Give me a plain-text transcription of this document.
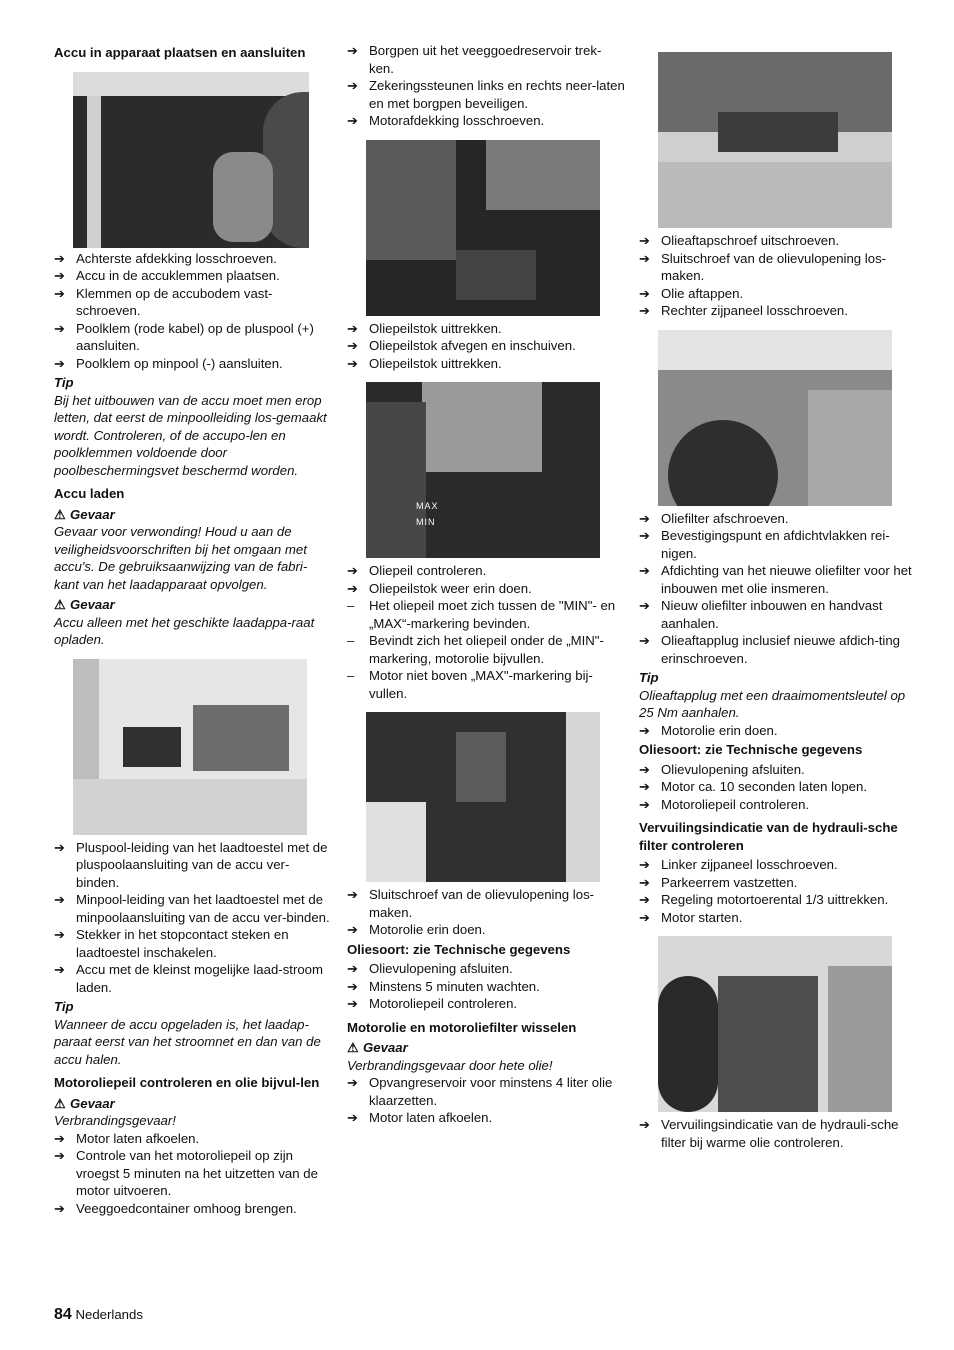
Accu in apparaat plaatsen en aansluiten
➔ Achterste afdekking losschroeven.
➔ Accu in de accuklemmen plaatsen.
➔ Klemmen op de accubodem vast-schroeven.
➔ Poolklem (rode kabel) op de pluspool (+) aansluiten.
➔ Poolklem op minpool (-) aansluiten.
Tip
Bij het uitbouwen van de accu moet men erop letten, dat eerst de minpoolleiding los-gemaakt wordt. Controleren, of de accupo-len en poolklemmen voldoende door poolbeschermingsvet beschermd worden.
Accu laden
⚠ Gevaar
Gevaar voor verwonding! Houd u aan de veiligheidsvoorschriften bij het omgaan met accu's. De gebruiksaanwijzing van de fabri-kant van het laadapparaat opvolgen.
⚠ Gevaar
Accu alleen met het geschikte laadappa-raat opladen.
➔ Pluspool-leiding van het laadtoestel met de pluspoolaansluiting van de accu ver-binden.
➔ Minpool-leiding van het laadtoestel met de minpoolaansluiting van de accu ver-binden.
➔ Stekker in het stopcontact steken en laadtoestel inschakelen.
➔ Accu met de kleinst mogelijke laad-stroom laden.
Tip
Wanneer de accu opgeladen is, het laadap-paraat eerst van het stroomnet en dan van de accu halen.
Motoroliepeil controleren en olie bijvul-len
⚠ Gevaar
Verbrandingsgevaar!
➔ Motor laten afkoelen.
➔ Controle van het motoroliepeil op zijn vroegst 5 minuten na het uitzetten van de motor uitvoeren.
➔ Veeggoedcontainer omhoog brengen.
➔ Borgpen uit het veeggoedreservoir trek-ken.
➔ Zekeringssteunen links en rechts neer-laten en met borgpen beveiligen.
➔ Motorafdekking losschroeven.
➔ Oliepeilstok uittrekken.
➔ Oliepeilstok afvegen en inschuiven.
➔ Oliepeilstok uittrekken.
MAX
MIN
➔ Oliepeil controleren.
➔ Oliepeilstok weer erin doen.
–	Het oliepeil moet zich tussen de "MIN"- en „MAX“-markering bevinden.
–	Bevindt zich het oliepeil onder de „MIN"-markering, motorolie bijvullen.
–	Motor niet boven „MAX"-markering bij-vullen.
➔ Sluitschroef van de olievulopening los-maken.
➔ Motorolie erin doen.
Oliesoort: zie Technische gegevens
➔ Olievulopening afsluiten.
➔ Minstens 5 minuten wachten.
➔ Motoroliepeil controleren.
Motorolie en motoroliefilter wisselen
⚠ Gevaar
Verbrandingsgevaar door hete olie!
➔ Opvangreservoir voor minstens 4 liter olie klaarzetten.
➔ Motor laten afkoelen.
➔ Olieaftapschroef uitschroeven.
➔ Sluitschroef van de olievulopening los-maken.
➔ Olie aftappen.
➔ Rechter zijpaneel losschroeven.
➔ Oliefilter afschroeven.
➔ Bevestigingspunt en afdichtvlakken rei-nigen.
➔ Afdichting van het nieuwe oliefilter voor het inbouwen met olie insmeren.
➔ Nieuw oliefilter inbouwen en handvast aanhalen.
➔ Olieaftapplug inclusief nieuwe afdich-ting erinschroeven.
Tip
Olieaftapplug met een draaimomentsleutel op 25 Nm aanhalen.
➔ Motorolie erin doen.
Oliesoort: zie Technische gegevens
➔ Olievulopening afsluiten.
➔ Motor ca. 10 seconden laten lopen.
➔ Motoroliepeil controleren.
Vervuilingsindicatie van de hydrauli-sche filter controleren
➔ Linker zijpaneel losschroeven.
➔ Parkeerrem vastzetten.
➔ Regeling motortoerental 1/3 uittrekken.
➔ Motor starten.
➔ Vervuilingsindicatie van de hydrauli-sche filter bij warme olie controleren.
84 Nederlands
